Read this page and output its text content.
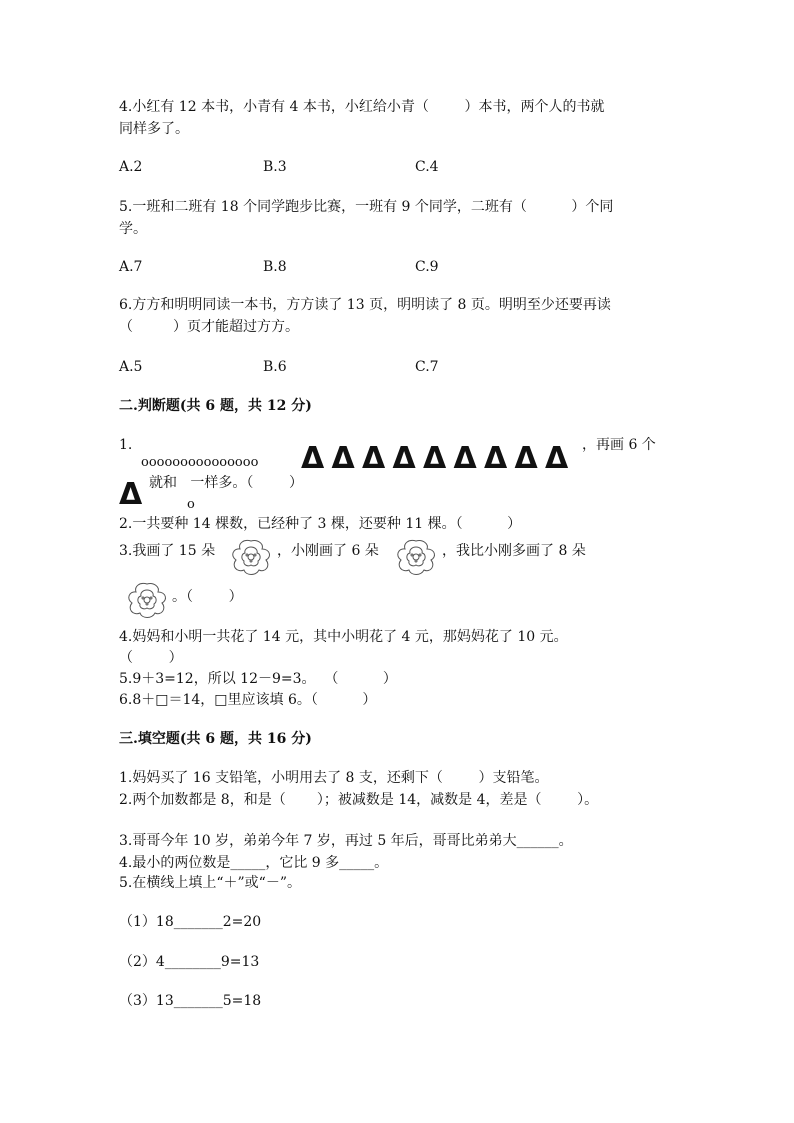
4.小红有 12 本书，小青有 4 本书，小红给小青（        ）本书，两个人的书就
同样多了。
A.2	B.3	C.4
5.一班和二班有 18 个同学跑步比赛，一班有 9 个同学，二班有（          ）个同
学。
A.7	B.8	C.9
6.方方和明明同读一本书，方方读了 13 页，明明读了 8 页。明明至少还要再读
（         ）页才能超过方方。
A.5	B.6	C.7
二.判断题(共 6 题，共 12 分)
1.
ooooooooooooooo Δ Δ Δ Δ Δ Δ Δ Δ Δ ，再画 6 个
Δ 就和   一样多。（        ）
o
2.一共要种 14 棵数，已经种了 3 棵，还要种 11 棵。（          ）
3.我画了 15 朵	，小刚画了 6 朵	，我比小刚多画了 8 朵
。（        ）
4.妈妈和小明一共花了 14 元，其中小明花了 4 元，那妈妈花了 10 元。
（        ）
5.9＋3=12，所以 12－9=3。  （          ）
6.8＋□＝14，□里应该填 6。（          ）
三.填空题(共 6 题，共 16 分)
1.妈妈买了 16 支铅笔，小明用去了 8 支，还剩下（        ）支铅笔。
2.两个加数都是 8，和是（       ）；被减数是 14，减数是 4，差是（        ）。
3.哥哥今年 10 岁，弟弟今年 7 岁，再过 5 年后，哥哥比弟弟大______。
4.最小的两位数是_____，它比 9 多_____。
5.在横线上填上“＋”或“－”。
（1）18_______2=20
（2）4________9=13
（3）13_______5=18
